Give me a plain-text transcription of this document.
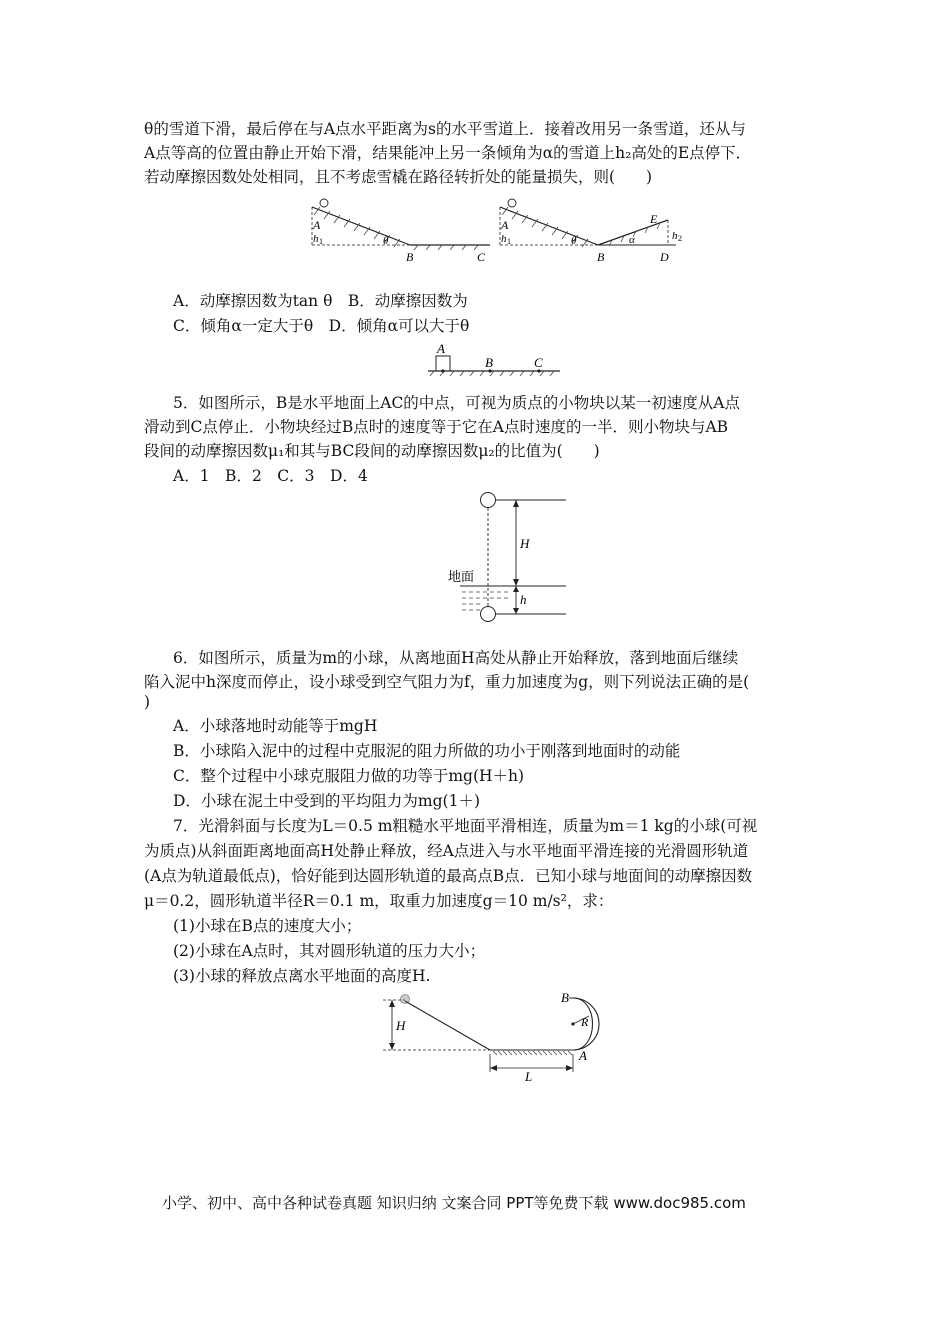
θ的雪道下滑，最后停在与A点水平距离为s的水平雪道上．接着改用另一条雪道，还从与
A点等高的位置由静止开始下滑，结果能冲上另一条倾角为α的雪道上h₂高处的E点停下．
若动摩擦因数处处相同，且不考虑雪橇在路径转折处的能量损失，则(　　)
A
h 1	θ
B	C
A
h 1	θ
B
E
h 2
α
D
A．动摩擦因数为tan θ　B．动摩擦因数为
C．倾角α一定大于θ　D．倾角α可以大于θ
A
B	C
5．如图所示，B是水平地面上AC的中点，可视为质点的小物块以某一初速度从A点
滑动到C点停止．小物块经过B点时的速度等于它在A点时速度的一半．则小物块与AB
段间的动摩擦因数μ₁和其与BC段间的动摩擦因数μ₂的比值为(　　)
A．1　B．2　C．3　D．4
H
地面
h
6．如图所示，质量为m的小球，从离地面H高处从静止开始释放，落到地面后继续
陷入泥中h深度而停止，设小球受到空气阻力为f，重力加速度为g，则下列说法正确的是(
)
A．小球落地时动能等于mgH
B．小球陷入泥中的过程中克服泥的阻力所做的功小于刚落到地面时的动能
C．整个过程中小球克服阻力做的功等于mg(H＋h)
D．小球在泥土中受到的平均阻力为mg(1＋)
7．光滑斜面与长度为L＝0.5 m粗糙水平地面平滑相连，质量为m＝1 kg的小球(可视
为质点)从斜面距离地面高H处静止释放，经A点进入与水平地面平滑连接的光滑圆形轨道
(A点为轨道最低点)，恰好能到达圆形轨道的最高点B点．已知小球与地面间的动摩擦因数
μ＝0.2，圆形轨道半径R＝0.1 m，取重力加速度g＝10 m/s²，求：
(1)小球在B点的速度大小；
(2)小球在A点时，其对圆形轨道的压力大小；
(3)小球的释放点离水平地面的高度H.
H
B
R
A
L
小学、初中、高中各种试卷真题 知识归纳 文案合同 PPT等免费下载 www.doc985.com
